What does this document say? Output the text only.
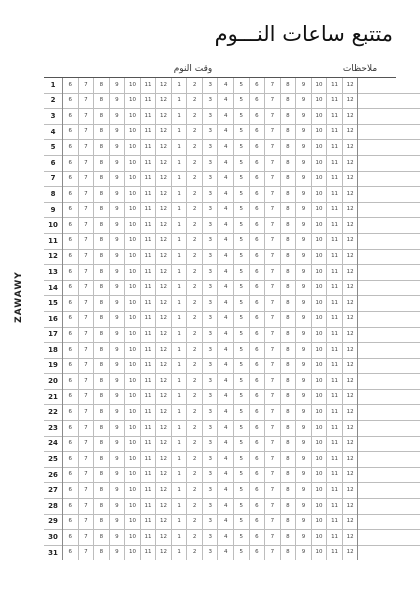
متتبع ساعات النـــوم
ZAWAWY
وقت النوم	ملاحظات
1	6	7	8	9	10	11	12	1	2	3	4	5	6	7	8	9	10	11	12	
2	6	7	8	9	10	11	12	1	2	3	4	5	6	7	8	9	10	11	12	
3	6	7	8	9	10	11	12	1	2	3	4	5	6	7	8	9	10	11	12	
4	6	7	8	9	10	11	12	1	2	3	4	5	6	7	8	9	10	11	12	
5	6	7	8	9	10	11	12	1	2	3	4	5	6	7	8	9	10	11	12	
6	6	7	8	9	10	11	12	1	2	3	4	5	6	7	8	9	10	11	12	
7	6	7	8	9	10	11	12	1	2	3	4	5	6	7	8	9	10	11	12	
8	6	7	8	9	10	11	12	1	2	3	4	5	6	7	8	9	10	11	12	
9	6	7	8	9	10	11	12	1	2	3	4	5	6	7	8	9	10	11	12	
10	6	7	8	9	10	11	12	1	2	3	4	5	6	7	8	9	10	11	12	
11	6	7	8	9	10	11	12	1	2	3	4	5	6	7	8	9	10	11	12	
12	6	7	8	9	10	11	12	1	2	3	4	5	6	7	8	9	10	11	12	
13	6	7	8	9	10	11	12	1	2	3	4	5	6	7	8	9	10	11	12	
14	6	7	8	9	10	11	12	1	2	3	4	5	6	7	8	9	10	11	12	
15	6	7	8	9	10	11	12	1	2	3	4	5	6	7	8	9	10	11	12	
16	6	7	8	9	10	11	12	1	2	3	4	5	6	7	8	9	10	11	12	
17	6	7	8	9	10	11	12	1	2	3	4	5	6	7	8	9	10	11	12	
18	6	7	8	9	10	11	12	1	2	3	4	5	6	7	8	9	10	11	12	
19	6	7	8	9	10	11	12	1	2	3	4	5	6	7	8	9	10	11	12	
20	6	7	8	9	10	11	12	1	2	3	4	5	6	7	8	9	10	11	12	
21	6	7	8	9	10	11	12	1	2	3	4	5	6	7	8	9	10	11	12	
22	6	7	8	9	10	11	12	1	2	3	4	5	6	7	8	9	10	11	12	
23	6	7	8	9	10	11	12	1	2	3	4	5	6	7	8	9	10	11	12	
24	6	7	8	9	10	11	12	1	2	3	4	5	6	7	8	9	10	11	12	
25	6	7	8	9	10	11	12	1	2	3	4	5	6	7	8	9	10	11	12	
26	6	7	8	9	10	11	12	1	2	3	4	5	6	7	8	9	10	11	12	
27	6	7	8	9	10	11	12	1	2	3	4	5	6	7	8	9	10	11	12	
28	6	7	8	9	10	11	12	1	2	3	4	5	6	7	8	9	10	11	12	
29	6	7	8	9	10	11	12	1	2	3	4	5	6	7	8	9	10	11	12	
30	6	7	8	9	10	11	12	1	2	3	4	5	6	7	8	9	10	11	12	
31	6	7	8	9	10	11	12	1	2	3	4	5	6	7	8	9	10	11	12	
